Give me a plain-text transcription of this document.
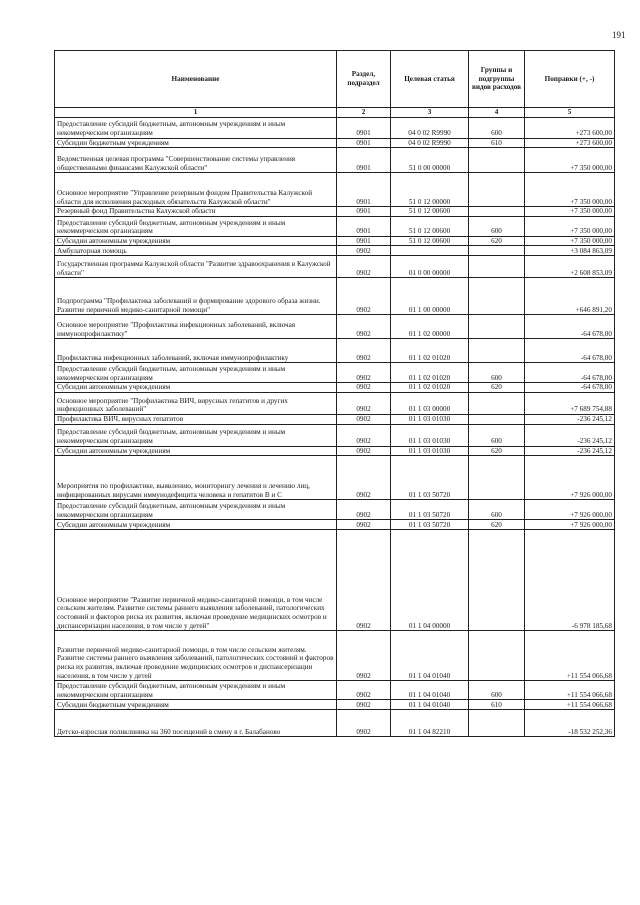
191
Наименование	Раздел, подраздел	Целевая статья	Группы и подгруппы видов расходов	Поправки (+, -)
1	2	3	4	5
Предоставление субсидий бюджетным, автономным учреждениям и иным некоммерческим организациям	0901	04 0 02 R9990	600	+273 600,00
Субсидии бюджетным учреждениям	0901	04 0 02 R9990	610	+273 600,00
Ведомственная целевая программа "Совершенствование системы управления общественными финансами Калужской области"	0901	51 0 00 00000		+7 350 000,00
Основное мероприятие "Управление резервным фондом Правительства Калужской области для исполнения расходных обязательств Калужской области"	0901	51 0 12 00000		+7 350 000,00
Резервный фонд Правительства Калужской области	0901	51 0 12 00600		+7 350 000,00
Предоставление субсидий бюджетным, автономным учреждениям и иным некоммерческим организациям	0901	51 0 12 00600	600	+7 350 000,00
Субсидии автономным учреждениям	0901	51 0 12 00600	620	+7 350 000,00
Амбулаторная помощь	0902			+3 084 863,09
Государственная программа Калужской области "Развитие здравоохранения в Калужской области"	0902	01 0 00 00000		+2 608 853,09
Подпрограмма "Профилактика заболеваний и формирование здорового образа жизни. Развитие первичной медико-санитарной помощи"	0902	01 1 00 00000		+646 891,20
Основное мероприятие "Профилактика инфекционных заболеваний, включая иммунопрофилактику"	0902	01 1 02 00000		-64 678,00
Профилактика инфекционных заболеваний, включая иммунопрофилактику	0902	01 1 02 01020		-64 678,00
Предоставление субсидий бюджетным, автономным учреждениям и иным некоммерческим организациям	0902	01 1 02 01020	600	-64 678,00
Субсидии автономным учреждениям	0902	01 1 02 01020	620	-64 678,00
Основное мероприятие "Профилактика ВИЧ, вирусных гепатитов и других инфекционных заболеваний"	0902	01 1 03 00000		+7 689 754,88
Профилактика ВИЧ, вирусных гепатитов	0902	01 1 03 01030		-236 245,12
Предоставление субсидий бюджетным, автономным учреждениям и иным некоммерческим организациям	0902	01 1 03 01030	600	-236 245,12
Субсидии автономным учреждениям	0902	01 1 03 01030	620	-236 245,12
Мероприятия по профилактике, выявлению, мониторингу лечения и лечению лиц, инфицированных вирусами иммунодефицита человека и гепатитов В и С	0902	01 1 03 50720		+7 926 000,00
Предоставление субсидий бюджетным, автономным учреждениям и иным некоммерческим организациям	0902	01 1 03 50720	600	+7 926 000,00
Субсидии автономным учреждениям	0902	01 1 03 50720	620	+7 926 000,00
Основное мероприятие "Развитие первичной медико-санитарной помощи, в том числе сельским жителям. Развитие системы раннего выявления заболеваний, патологических состояний и факторов риска их развития, включая проведение медицинских осмотров и диспансеризации населения, в том числе у детей"	0902	01 1 04 00000		-6 978 185,68
Развитие первичной медико-санитарной помощи, в том числе сельским жителям. Развитие системы раннего выявления заболеваний, патологических состояний и факторов риска их развития, включая проведение медицинских осмотров и диспансеризации населения, в том числе у детей	0902	01 1 04 01040		+11 554 066,68
Предоставление субсидий бюджетным, автономным учреждениям и иным некоммерческим организациям	0902	01 1 04 01040	600	+11 554 066,68
Субсидии бюджетным учреждениям	0902	01 1 04 01040	610	+11 554 066,68
Детско-взрослая поликлиника на 360 посещений в смену в г. Балабаново	0902	01 1 04 82210		-18 532 252,36
